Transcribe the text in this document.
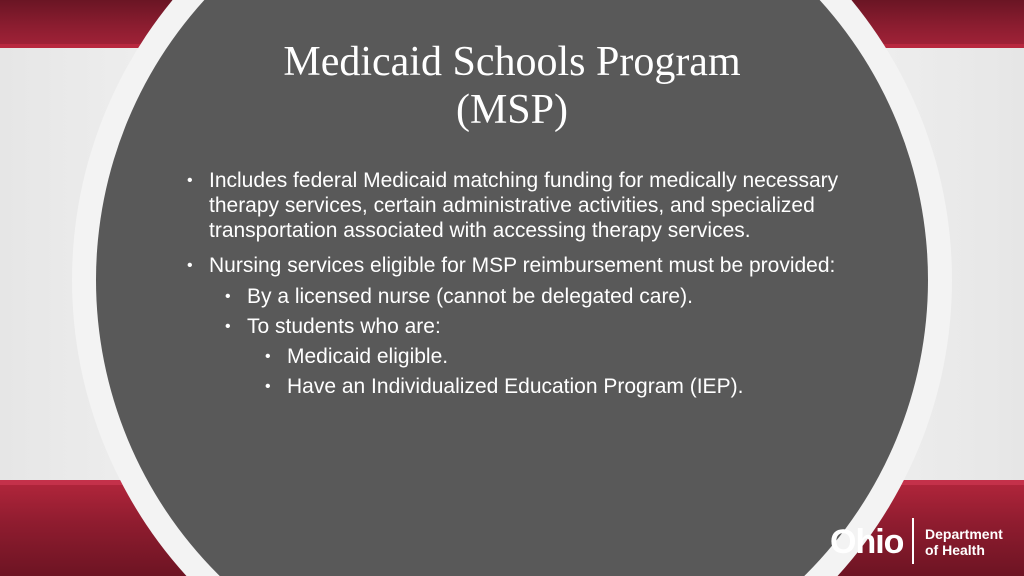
Medicaid Schools Program
(MSP)
• Includes federal Medicaid matching funding for medically necessary therapy services, certain administrative activities, and specialized transportation associated with accessing therapy services.
• Nursing services eligible for MSP reimbursement must be provided:
• By a licensed nurse (cannot be delegated care).
• To students who are:
• Medicaid eligible.
• Have an Individualized Education Program (IEP).
Ohio Department
of Health
